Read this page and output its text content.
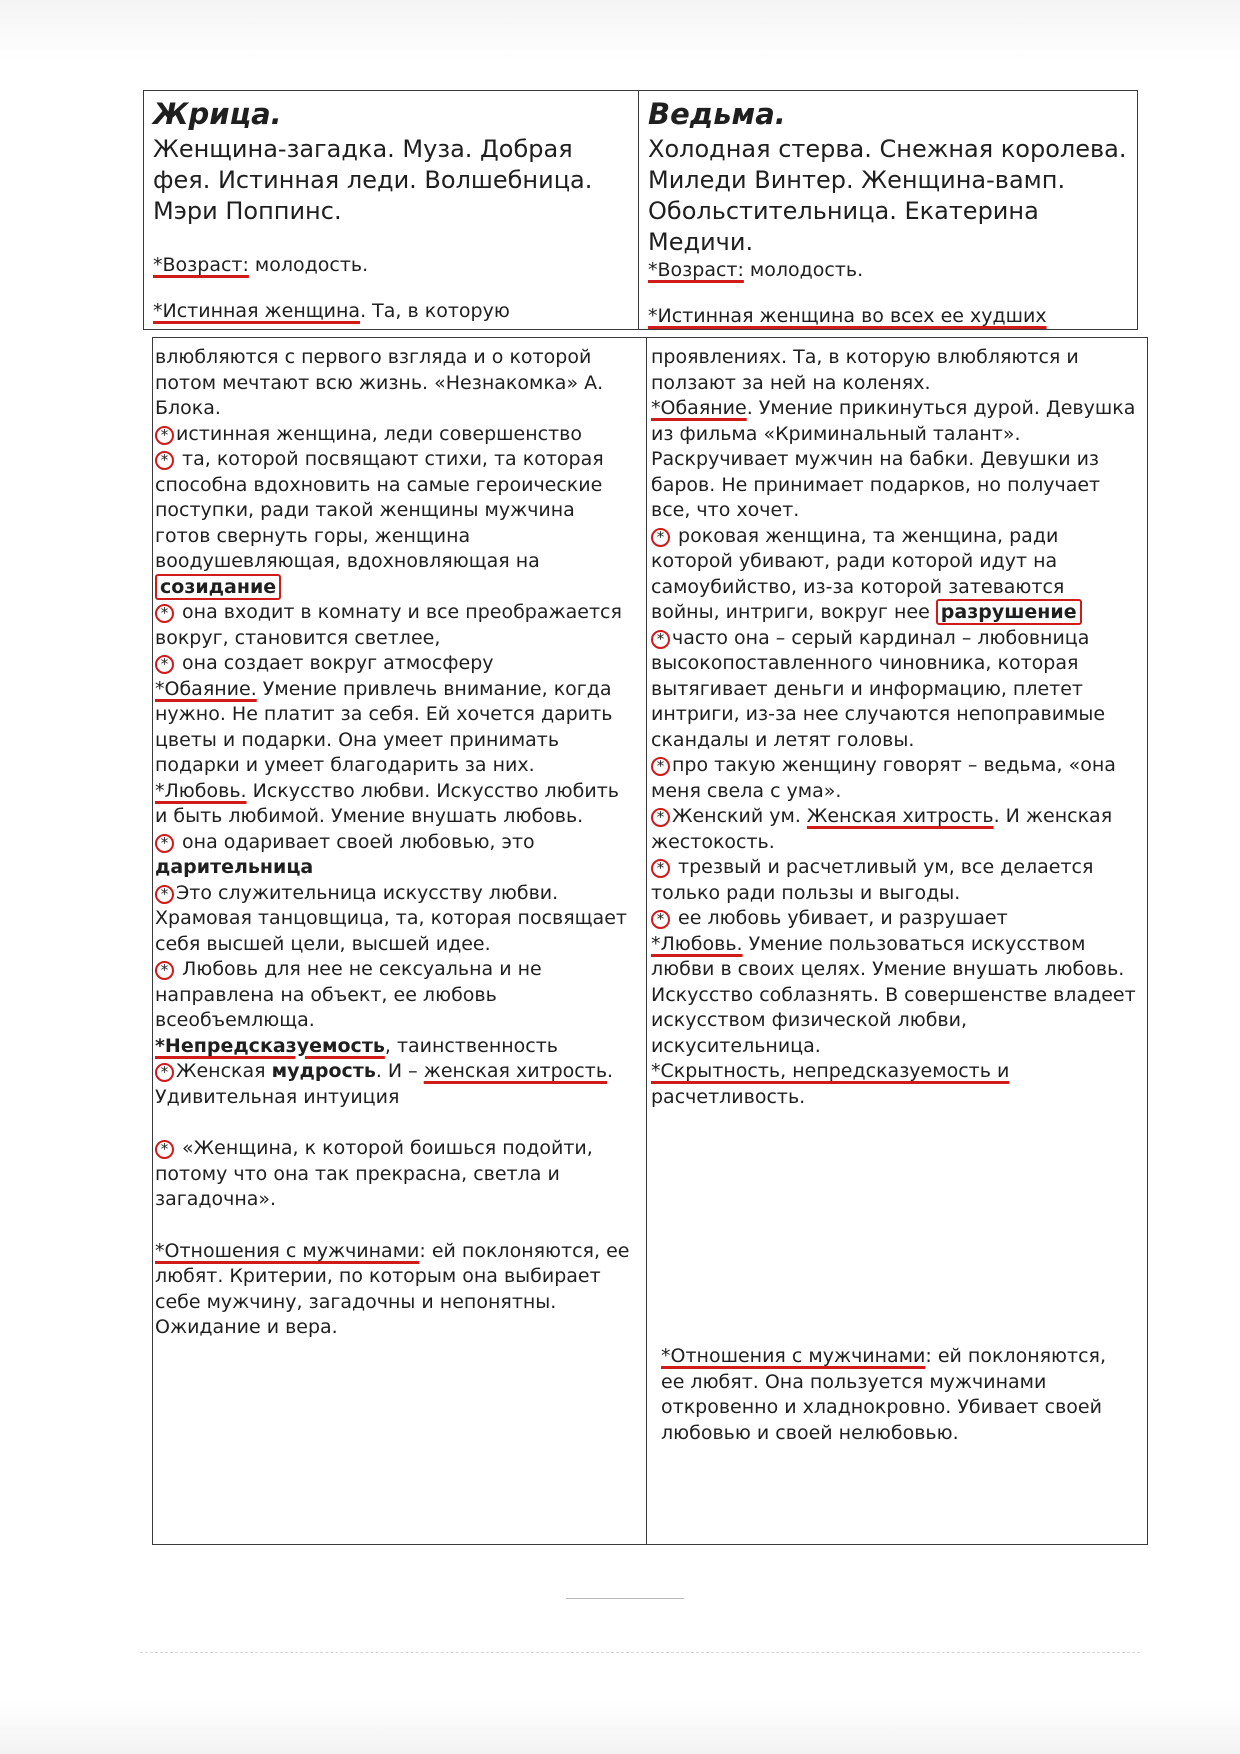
Жрица.

Женщина-загадка. Муза. Добрая фея. Истинная леди. Волшебница. Мэри Поппинс.

*Возраст: молодость.

*Истинная женщина. Та, в которую

Ведьма.

Холодная стерва. Снежная королева. Миледи Винтер. Женщина-вамп. Обольстительница. Екатерина Медичи.

*Возраст: молодость.

*Истинная женщина во всех ее худших

влюбляются с первого взгляда и о которой потом мечтают всю жизнь. «Незнакомка» А. Блока.

* истинная женщина, леди совершенство

* та, которой посвящают стихи, та которая способна вдохновить на самые героические поступки, ради такой женщины мужчина готов свернуть горы, женщина воодушевляющая, вдохновляющая на созидание

* она входит в комнату и все преображается вокруг, становится светлее,

* она создает вокруг атмосферу

*Обаяние. Умение привлечь внимание, когда нужно. Не платит за себя. Ей хочется дарить цветы и подарки. Она умеет принимать подарки и умеет благодарить за них.

*Любовь. Искусство любви. Искусство любить и быть любимой. Умение внушать любовь.

* она одаривает своей любовью, это дарительница

* Это служительница искусству любви. Храмовая танцовщица, та, которая посвящает себя высшей цели, высшей идее.

* Любовь для нее не сексуальна и не направлена на объект, ее любовь всеобъемлюща.

*Непредсказуемость, таинственность

* Женская мудрость. И – женская хитрость. Удивительная интуиция

* «Женщина, к которой боишься подойти, потому что она так прекрасна, светла и загадочна».

*Отношения с мужчинами: ей поклоняются, ее любят. Критерии, по которым она выбирает себе мужчину, загадочны и непонятны.

Ожидание и вера.

проявлениях. Та, в которую влюбляются и ползают за ней на коленях.

*Обаяние. Умение прикинуться дурой. Девушка из фильма «Криминальный талант». Раскручивает мужчин на бабки. Девушки из баров. Не принимает подарков, но получает все, что хочет.

* роковая женщина, та женщина, ради которой убивают, ради которой идут на самоубийство, из-за которой затеваются войны, интриги, вокруг нее разрушение

* часто она – серый кардинал – любовница высокопоставленного чиновника, которая вытягивает деньги и информацию, плетет интриги, из-за нее случаются непоправимые скандалы и летят головы.

* про такую женщину говорят – ведьма, «она меня свела с ума».

* Женский ум. Женская хитрость. И женская жестокость.

* трезвый и расчетливый ум, все делается только ради пользы и выгоды.

* ее любовь убивает, и разрушает

*Любовь. Умение пользоваться искусством любви в своих целях. Умение внушать любовь. Искусство соблазнять. В совершенстве владеет искусством физической любви, искусительница.

*Скрытность, непредсказуемость и

расчетливость.

*Отношения с мужчинами: ей поклоняются, ее любят. Она пользуется мужчинами откровенно и хладнокровно. Убивает своей любовью и своей нелюбовью.
